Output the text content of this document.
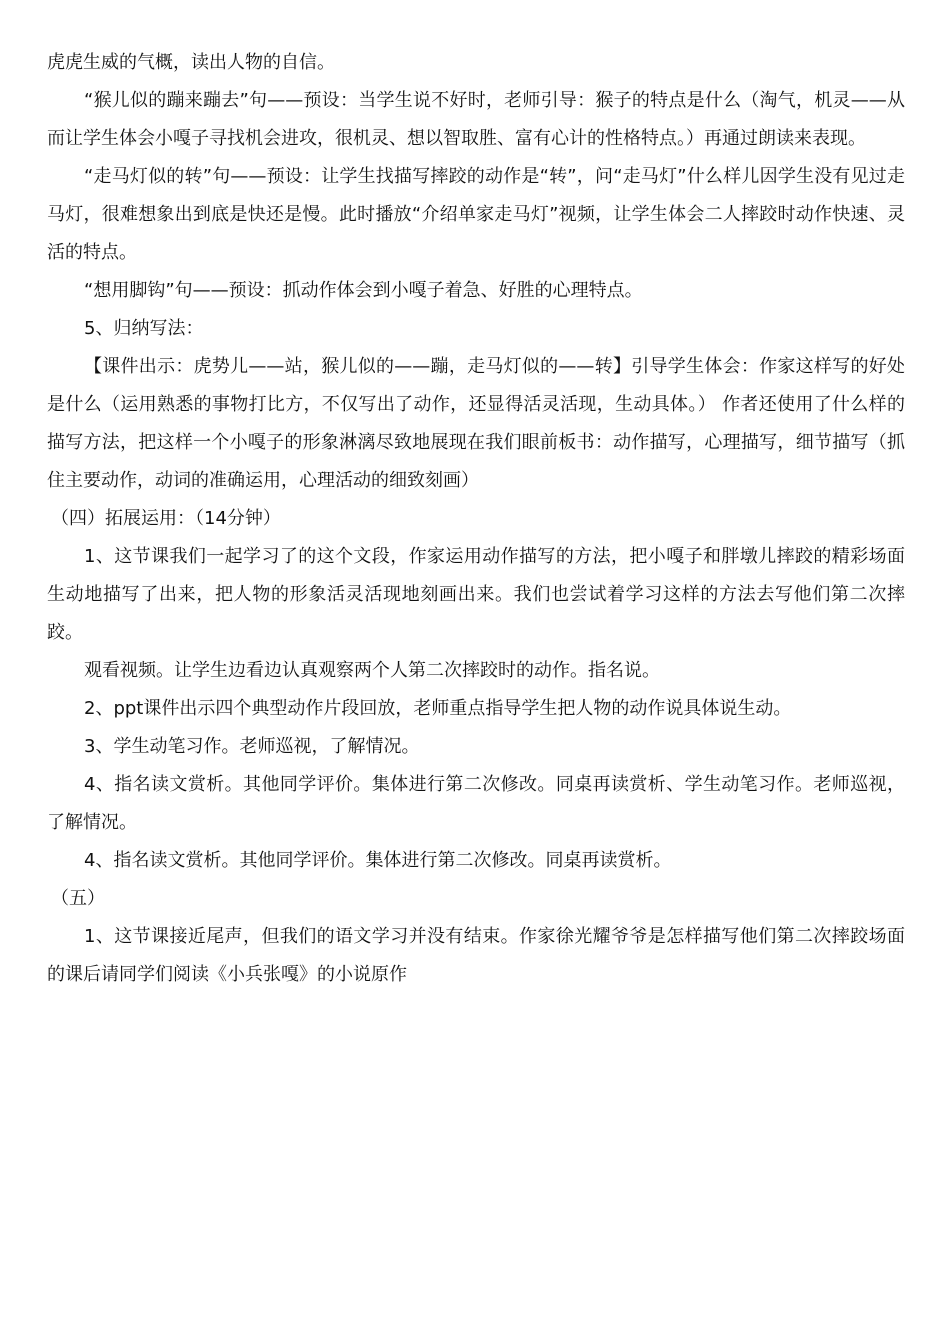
虎虎生威的气概，读出人物的自信。

“猴儿似的蹦来蹦去”句——预设：当学生说不好时，老师引导：猴子的特点是什么（淘气，机灵——从而让学生体会小嘎子寻找机会进攻，很机灵、想以智取胜、富有心计的性格特点。）再通过朗读来表现。

“走马灯似的转”句——预设：让学生找描写摔跤的动作是“转”，问“走马灯”什么样儿因学生没有见过走马灯，很难想象出到底是快还是慢。此时播放“介绍单家走马灯”视频，让学生体会二人摔跤时动作快速、灵活的特点。

“想用脚钩”句——预设：抓动作体会到小嘎子着急、好胜的心理特点。

5、归纳写法：

【课件出示：虎势儿——站，猴儿似的——蹦，走马灯似的——转】引导学生体会：作家这样写的好处是什么（运用熟悉的事物打比方，不仅写出了动作，还显得活灵活现，生动具体。） 作者还使用了什么样的描写方法，把这样一个小嘎子的形象淋漓尽致地展现在我们眼前板书：动作描写，心理描写，细节描写（抓住主要动作，动词的准确运用，心理活动的细致刻画）

（四）拓展运用：（14分钟）

1、这节课我们一起学习了的这个文段，作家运用动作描写的方法，把小嘎子和胖墩儿摔跤的精彩场面生动地描写了出来，把人物的形象活灵活现地刻画出来。我们也尝试着学习这样的方法去写他们第二次摔跤。

观看视频。让学生边看边认真观察两个人第二次摔跤时的动作。指名说。

2、ppt课件出示四个典型动作片段回放，老师重点指导学生把人物的动作说具体说生动。

3、学生动笔习作。老师巡视，了解情况。

4、指名读文赏析。其他同学评价。集体进行第二次修改。同桌再读赏析、学生动笔习作。老师巡视，了解情况。

4、指名读文赏析。其他同学评价。集体进行第二次修改。同桌再读赏析。

（五）

1、这节课接近尾声，但我们的语文学习并没有结束。作家徐光耀爷爷是怎样描写他们第二次摔跤场面的课后请同学们阅读《小兵张嘎》的小说原作
